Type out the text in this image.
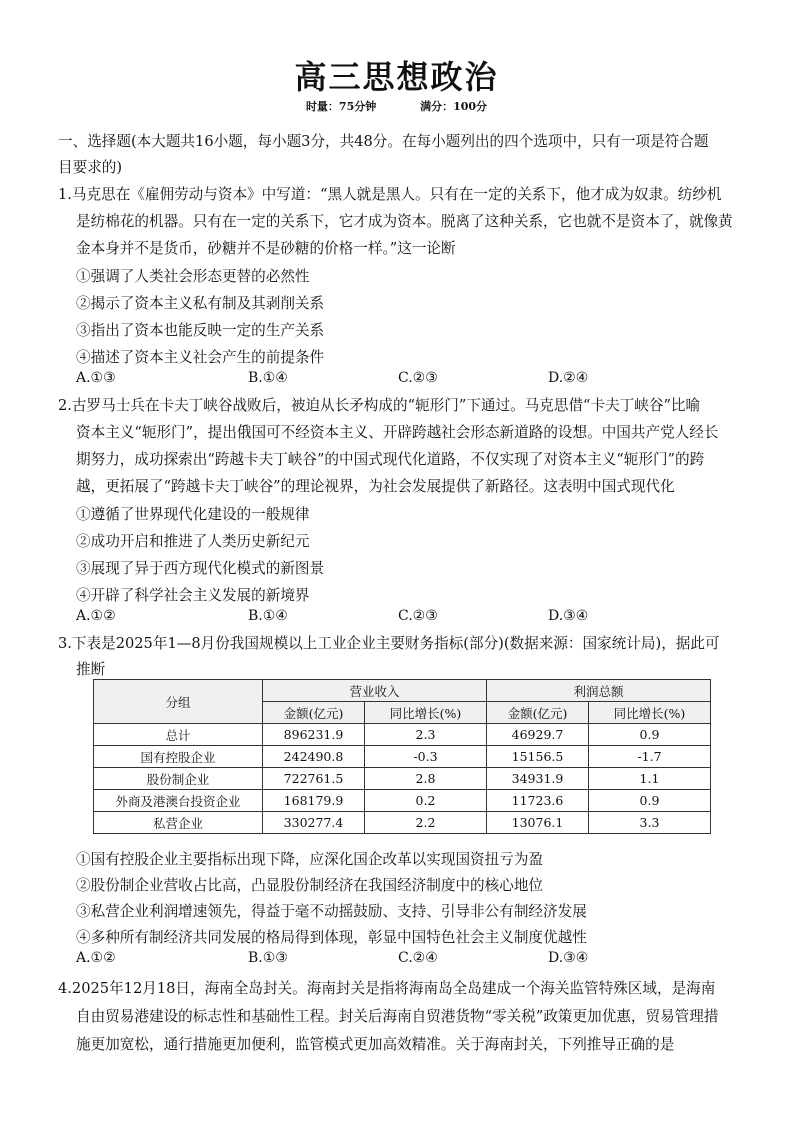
高三思想政治
时量：75分钟	满分：100分
一、选择题(本大题共16小题，每小题3分，共48分。在每小题列出的四个选项中，只有一项是符合题
目要求的)
1.马克思在《雇佣劳动与资本》中写道：“黑人就是黑人。只有在一定的关系下，他才成为奴隶。纺纱机
是纺棉花的机器。只有在一定的关系下，它才成为资本。脱离了这种关系，它也就不是资本了，就像黄
金本身并不是货币，砂糖并不是砂糖的价格一样。”这一论断
①强调了人类社会形态更替的必然性
②揭示了资本主义私有制及其剥削关系
③指出了资本也能反映一定的生产关系
④描述了资本主义社会产生的前提条件
A.①③	B.①④	C.②③	D.②④
2.古罗马士兵在卡夫丁峡谷战败后，被迫从长矛构成的“轭形门”下通过。马克思借“卡夫丁峡谷”比喻
资本主义“轭形门”，提出俄国可不经资本主义、开辟跨越社会形态新道路的设想。中国共产党人经长
期努力，成功探索出“跨越卡夫丁峡谷”的中国式现代化道路，不仅实现了对资本主义“轭形门”的跨
越，更拓展了“跨越卡夫丁峡谷”的理论视界，为社会发展提供了新路径。这表明中国式现代化
①遵循了世界现代化建设的一般规律
②成功开启和推进了人类历史新纪元
③展现了异于西方现代化模式的新图景
④开辟了科学社会主义发展的新境界
A.①②	B.①④	C.②③	D.③④
3.下表是2025年1—8月份我国规模以上工业企业主要财务指标(部分)(数据来源：国家统计局)，据此可
推断
分组	营业收入		利润总额	
	金额(亿元)	同比增长(%)	金额(亿元)	同比增长(%)
总计	896231.9	2.3	46929.7	0.9
国有控股企业	242490.8	-0.3	15156.5	-1.7
股份制企业	722761.5	2.8	34931.9	1.1
外商及港澳台投资企业	168179.9	0.2	11723.6	0.9
私营企业	330277.4	2.2	13076.1	3.3
①国有控股企业主要指标出现下降，应深化国企改革以实现国资扭亏为盈
②股份制企业营收占比高，凸显股份制经济在我国经济制度中的核心地位
③私营企业利润增速领先，得益于毫不动摇鼓励、支持、引导非公有制经济发展
④多种所有制经济共同发展的格局得到体现，彰显中国特色社会主义制度优越性
A.①②	B.①③	C.②④	D.③④
4.2025年12月18日，海南全岛封关。海南封关是指将海南岛全岛建成一个海关监管特殊区域，是海南
自由贸易港建设的标志性和基础性工程。封关后海南自贸港货物“零关税”政策更加优惠，贸易管理措
施更加宽松，通行措施更加便利，监管模式更加高效精准。关于海南封关，下列推导正确的是
